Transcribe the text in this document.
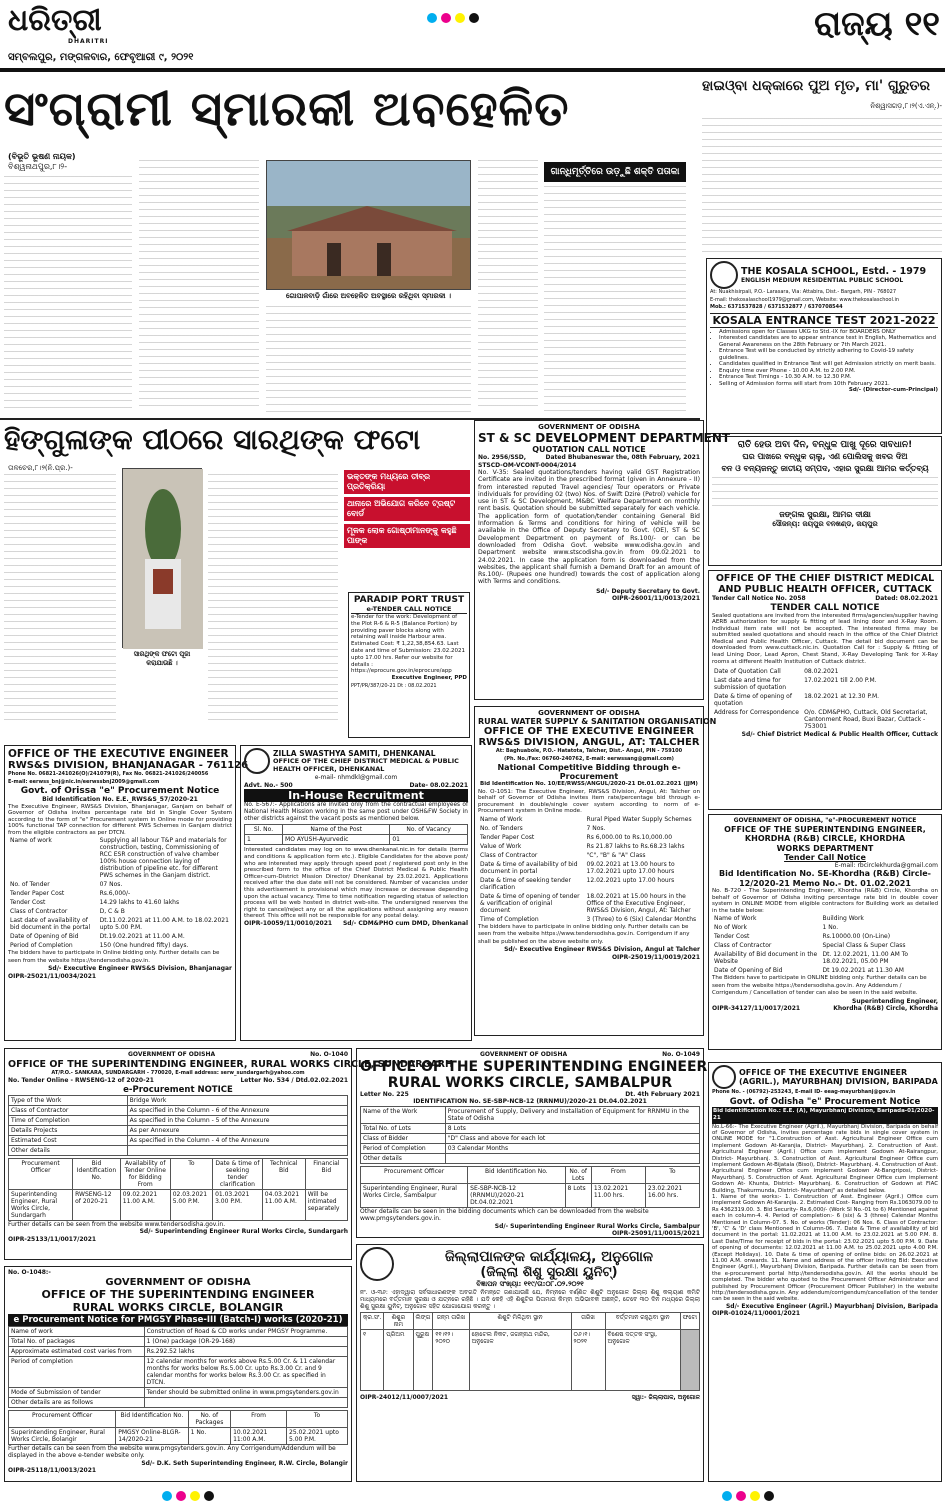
ଧରିତ୍ରୀ
DHARITRI	ରାଜ୍ୟ ୧୧
ସମ୍ବଲପୁର, ମଙ୍ଗଳବାର, ଫେବୃଆରୀ ୯, ୨୦୨୧
ସଂଗ୍ରାମୀ ସ୍ମାରକୀ ଅବହେଳିତ
(ବିଭୂତି ଭୂଷଣ ନାୟକ)
ବିଶ୍ୱନାଥପୁର,୮।୨-
ଗୋପାଳବାଡ଼ି ଗାଁରେ ଅବହେଳିତ ଅବସ୍ଥାରେ ରହିଥିବା ସ୍ମାରକୀ ।
ଗାନ୍ଧିମୂର୍ତ୍ତିରେ ଉଡ଼ୁଛି ଶକ୍ତି ପତାକା
ହାଇଓ୍ବା ଧକ୍କାରେ ପୁଅ ମୃତ, ମା' ଗୁରୁତର
ନିଶ୍ୱାସଗଡ଼,୮।୨(ଏ.ଏନ୍.)-
THE KOSALA SCHOOL, Estd. - 1979
ENGLISH MEDIUM RESIDENTIAL PUBLIC SCHOOL
At: Nuakhisirpali, P.O.- Larasara, Via: Attabira, Dist.- Bargarh, PIN - 768027
E-mail: thekosalaschool1979@gmail.com, Website: www.thekosalaschool.in
Mob.: 6371537828 / 6371532877 / 6370708544
KOSALA ENTRANCE TEST 2021-2022
• Admissions open for Classes UKG to Std.-IX for BOARDERS ONLY
• Interested candidates are to appear entrance test in English, Mathematics and General Awareness on the 28th February or 7th March 2021.
• Entrance Test will be conducted by strictly adhering to Covid-19 safety guidelines.
• Candidates qualified in Entrance Test will get Admission strictly on merit basis.
• Enquiry time over Phone - 10.00 A.M. to 2.00 P.M.
• Entrance Test Timings - 10.30 A.M. to 12.30 P.M.
• Selling of Admission forms will start from 10th February 2021.
Sd/- (Director-cum-Principal)
ହିଙ୍ଗୁଳାଙ୍କ ପୀଠରେ ସାରଥିଙ୍କ ଫଟୋ
ତାଳଚେର,୮।୨(ନି.ପ୍ର.)-
ସାରଥିଙ୍କ ଫଟୋ ପୂଜା କରାଯାଉଛି ।
ଭକ୍ତଙ୍କ ମଧ୍ୟରେ ତୀବ୍ର ପ୍ରତିକ୍ରିୟା
ଥାନାରେ ଅଭିଯୋଗ କରିବେ ଟ୍ରଷ୍ଟ ବୋର୍ଡ
ମୂଳକ ଲୋକ ଗୋଷ୍ଠୀମାନଙ୍କୁ କହୁଛି ପାଙ୍କ
PARADIP PORT TRUST
e-TENDER CALL NOTICE
e-Tender for the work: Development of the Plot R-6 & R-5 (Balance Portion) by providing paver blocks along with retaining wall inside Harbour area. Estimated Cost: ₹ 1,22,38,854.63. Last date and time of Submission: 23.02.2021 upto 17.00 hrs. Refer our website for details : https://eprocure.gov.in/eprocure/app
Executive Engineer, PPD
PPT/PR/387/20-21 Dt : 08.02.2021
GOVERNMENT OF ODISHA
ST & SC DEVELOPMENT DEPARTMENT
QUOTATION CALL NOTICE
No. 2956/SSD,	Dated Bhubaneswar the, 08th February, 2021
STSCD-OM-VCONT-0004/2014
No. V-35: Sealed quotations/tenders having valid GST Registration Certificate are invited in the prescribed format (given in Annexure - II) from interested reputed Travel agencies/ Tour operators or Private individuals for providing 02 (two) Nos. of Swift Dzire (Petrol) vehicle for use in ST & SC Development, M&BC Welfare Department on monthly rent basis. Quotation should be submitted separately for each vehicle. The application form of quotation/tender containing General Bid Information & Terms and conditions for hiring of vehicle will be available in the Office of Deputy Secretary to Govt. (OE), ST & SC Development Department on payment of Rs.100/- or can be downloaded from Odisha Govt. website www.odisha.gov.in and Department website www.stscodisha.gov.in from 09.02.2021 to 24.02.2021. In case the application form is downloaded from the websites, the applicant shall furnish a Demand Draft for an amount of Rs.100/- (Rupees one hundred) towards the cost of application along with Terms and conditions.
Sd/- Deputy Secretary to Govt.
OIPR-26001/11/0013/2021
ରାତି ହେଉ ଅବା ଦିନ, ବନ୍ଧୁକ ପାଖୁ ଦୂରେ ସାବଧାନ!
ଘର ପାଖରେ ବନ୍ଧୁକ ଚାଲୁ, ଏଣ ପୋଲିସକୁ ଖବର ଦିଅ
ବନ ଓ ବନ୍ୟଜନ୍ତୁ ଜାତୀୟ ସମ୍ପଦ, ଏହାର ସୁରକ୍ଷା ଆମର କର୍ତ୍ତବ୍ୟ
ଜଙ୍ଗଲ ସୁରକ୍ଷା, ଆମର ଦୀକ୍ଷା
ସୌଜନ୍ୟ: ଜୟପୁର ବନଖଣ୍ଡ, ଜୟପୁର
OFFICE OF THE CHIEF DISTRICT MEDICAL AND PUBLIC HEALTH OFFICER, CUTTACK
Tender Call Notice No. 2058	Dated: 08.02.2021
TENDER CALL NOTICE
Sealed quotations are invited from the interested firms/agencies/supplier having AERB authorization for supply & fitting of lead lining door and X-Ray Room. Individual item rate will not be accepted. The interested firms may be submitted sealed quotations and should reach in the office of the Chief District Medical and Public Health Officer, Cuttack. The detail bid document can be downloaded from www.cuttack.nic.in. Quotation Call for : Supply & fitting of lead Lining Door, Lead Apron, Chest Stand, X-Ray Developing Tank for X-Ray rooms at different Health Institution of Cuttack district.
Date of Quotation Call	08.02.2021
Last date and time for submission of quotation	17.02.2021 till 2.00 P.M.
Date & time of opening of quotation	18.02.2021 at 12.30 P.M.
Address for Correspondence	O/o. CDM&PHO, Cuttack, Old Secretariat, Cantonment Road, Buxi Bazar, Cuttack - 753001
Sd/- Chief District Medical & Public Health Officer, Cuttack
OFFICE OF THE EXECUTIVE ENGINEER
RWS&S DIVISION, BHANJANAGAR - 761126
Phone No. 06821-241026(O)/241079(R), Fax No. 06821-241026/240056
E-mail: eerwss_bnj@nic.in/eerwssbnj2009@gmail.com
Govt. of Orissa "e" Procurement Notice
Bid Identification No. E.E._RWS&S_57/2020-21
The Executive Engineer, RWS&S Division, Bhanjanagar, Ganjam on behalf of Governor of Odisha invites percentage rate bid in Single Cover System according to the form of "e" Procurement system in Online mode for providing 100% functional TAP connection for different PWS Schemes in Ganjam district from the eligible contractors as per DTCN.
Name of work	Supplying all labour T&P and materials for construction, testing, Commissioning of RCC ESR construction of valve chamber 100% house connection laying of distribution of pipeline etc. for different PWS schemes in the Ganjam district.
No. of Tender	07 Nos.
Tender Paper Cost	Rs.6,000/-
Tender Cost	14.29 lakhs to 41.60 lakhs
Class of Contractor	D, C & B
Last date of availability of bid document in the portal	Dt.11.02.2021 at 11.00 A.M. to 18.02.2021 upto 5.00 P.M.
Date of Opening of Bid	Dt.19.02.2021 at 11.00 A.M.
Period of Completion	150 (One hundred fifty) days.
The bidders have to participate in Online bidding only. Further details can be seen from the website https://tendersodisha.gov.in.
Sd/- Executive Engineer RWS&S Division, Bhanjanagar
OIPR-25021/11/0034/2021
ZILLA SWASTHYA SAMITI, DHENKANAL
OFFICE OF THE CHIEF DISTRICT MEDICAL & PUBLIC HEALTH OFFICER, DHENKANAL
e-mail- nhmdkl@gmail.com
Advt. No.- 500	Date- 08.02.2021
In-House Recruitment
No. E-567:- Applications are invited only from the contractual employees of National Health Mission working in the same post under OSH&FW Society in other districts against the vacant posts as mentioned below.
Sl. No.	Name of the Post	No. of Vacancy
1	MO AYUSH-Ayurvedic	01
Interested candidates may log on to www.dhenkanal.nic.in for details (terms and conditions & application form etc.). Eligible Candidates for the above post/ who are interested may apply through speed post / registered post only in the prescribed form to the office of the Chief District Medical & Public Health Officer-cum-District Mission Director/ Dhenkanal by 23.02.2021. Applications received after the due date will not be considered. Number of vacancies under this advertisement is provisional which may increase or decrease depending upon the actual vacancy. Time to time notification regarding status of selection process will be web hosted in district web-site. The undersigned reserves the right to cancel/reject any or all the applications without assigning any reason thereof. This office will not be responsible for any postal delay.
OIPR-10059/11/0010/2021 Sd/- CDM&PHO cum DMD, Dhenkanal
GOVERNMENT OF ODISHA
RURAL WATER SUPPLY & SANITATION ORGANISATION
OFFICE OF THE EXECUTIVE ENGINEER
RWS&S DIVISION, ANGUL, AT: TALCHER
At: Baghuabole, P.O.- Hatatota, Talcher, Dist.- Angul, PIN - 759100
(Ph. No./Fax: 06760-240762, E-mail: eerwssang@gmail.com)
National Competitive Bidding through e-Procurement
Bid Identification No. 10/EE/RWSS/ANGUL/2020-21 Dt.01.02.2021 (JJM)
No. O-1051: The Executive Engineer, RWS&S Division, Angul, At: Talcher on behalf of Governor of Odisha invites item rate/percentage bid through e-procurement in double/single cover system according to norm of e-Procurement system in Online mode.
Name of Work	Rural Piped Water Supply Schemes
No. of Tenders	7 Nos.
Tender Paper Cost	Rs 6,000.00 to Rs.10,000.00
Value of Work	Rs 21.87 lakhs to Rs.68.23 lakhs
Class of Contractor	"C", "B" & "A" Class
Date & time of availability of bid document in portal	09.02.2021 at 13.00 hours to 17.02.2021 upto 17.00 hours
Date & time of seeking tender clarification	12.02.2021 upto 17.00 hours
Date & time of opening of tender & verification of original document	18.02.2021 at 15.00 hours in the Office of the Executive Engineer, RWS&S Division, Angul, At: Talcher
Time of Completion	3 (Three) to 6 (Six) Calendar Months
The bidders have to participate in online bidding only. Further details can be seen from the website https://www.tendersodisha.gov.in. Corrigendum if any shall be published on the above website only.
Sd/- Executive Engineer RWS&S Division, Angul at Talcher
OIPR-25019/11/0019/2021
GOVERNMENT OF ODISHA, "e"-PROCUREMENT NOTICE
OFFICE OF THE SUPERINTENDING ENGINEER, KHORDHA (R&B) CIRCLE, KHORDHA
WORKS DEPARTMENT
Tender Call Notice
E-mail: rbcirclekhurda@gmail.com
Bid Identification No. SE-Khordha (R&B) Circle-12/2020-21 Memo No.- Dt. 01.02.2021
No. B-720 - The Superintending Engineer, Khordha (R&B) Circle, Khordha on behalf of Governor of Odisha inviting percentage rate bid in double cover system in ONLINE MODE from eligible contractors for Building work as detailed in the table below:
Name of Work	Building Work
No of Work	1 No.
Tender Cost	Rs.10000.00 (On-Line)
Class of Contractor	Special Class & Super Class
Availability of Bid document in the Website	Dt. 12.02.2021, 11.00 AM To 18.02.2021, 05.00 PM
Date of Opening of Bid	Dt 19.02.2021 at 11.30 AM
The Bidders have to participate in ONLINE bidding only. Further details can be seen from the website https://tendersodisha.gov.in. Any Addendum / Corrigendum / Cancellation of tender can also be seen in the said website.
OIPR-34127/11/0017/2021
Superintending Engineer, Khordha (R&B) Circle, Khordha
GOVERNMENT OF ODISHA	No. O-1040
OFFICE OF THE SUPERINTENDING ENGINEER, RURAL WORKS CIRCLE, SUNDARGARH
AT/P.O.- SANKARA, SUNDARGARH - 770020, E-mail address: serw_sundargarh@yahoo.com
No. Tender Online - RWSENG-12 of 2020-21	Letter No. 534 / Dtd.02.02.2021
e-Procurement NOTICE
Type of the Work	Bridge Work
Class of Contractor	As specified in the Column - 6 of the Annexure
Time of Completion	As specified in the Column - 5 of the Annexure
Details Projects	As per Annexure
Estimated Cost	As specified in the Column - 4 of the Annexure
Other details	
Procurement Officer	Bid Identification No.	Availability of Tender Online for Bidding From	To	Date & time of seeking tender clarification	Technical Bid	Financial Bid
Superintending Engineer, Rural Works Circle, Sundargarh	RWSENG-12 of 2020-21	09.02.2021 11.00 A.M.	02.03.2021 5.00 P.M.	01.03.2021 3.00 P.M.	04.03.2021 11.00 A.M.	Will be intimated separately
Further details can be seen from the website www.tendersodisha.gov.in.
Sd/- Superintending Engineer Rural Works Circle, Sundargarh
OIPR-25133/11/0017/2021
GOVERNMENT OF ODISHA	No. O-1049
OFFICE OF THE SUPERINTENDING ENGINEER
RURAL WORKS CIRCLE, SAMBALPUR
Letter No. 225	Dt. 4th February 2021
IDENTIFICATION No. SE-SBP-NCB-12 (RRNMU)/2020-21 Dt.04.02.2021
Name of the Work	Procurement of Supply, Delivery and Installation of Equipment for RRNMU in the State of Odisha
Total No. of Lots	8 Lots
Class of Bidder	"D" Class and above for each lot
Period of Completion	03 Calendar Months
Other details	
Procurement Officer	Bid Identification No.	No. of Lots	From	To
Superintending Engineer, Rural Works Circle, Sambalpur	SE-SBP-NCB-12 (RRNMU)/2020-21 Dt.04.02.2021	8 Lots	13.02.2021 11.00 hrs.	23.02.2021 16.00 hrs.
Other details can be seen in the bidding documents which can be downloaded from the website www.pmgsytenders.gov.in.
Sd/- Superintending Engineer Rural Works Circle, Sambalpur
OIPR-25091/11/0015/2021
OFFICE OF THE EXECUTIVE ENGINEER (AGRIL.), MAYURBHANJ DIVISION, BARIPADA
Phone No. - (06792)-253243, E-mail ID- eeag-mayurbhanj@gov.in
Govt. of Odisha "e" Procurement Notice
Bid Identification No.: E.E. (A), Mayurbhanj Division, Baripada-01/2020-21
No.L-66:- The Executive Engineer (Agril.), Mayurbhanj Division, Baripada on behalf of Governor of Odisha, invites percentage rate bids in single cover system in ONLINE MODE for "1.Construction of Asst. Agricultural Engineer Office cum implement Godown At-Karanjia, District- Mayurbhanj. 2. Construction of Asst. Agricultural Engineer (Agril.) Office cum implement Godown At-Rairangpur, District- Mayurbhanj. 3. Construction of Asst. Agricultural Engineer Office cum implement Godown At-Bijatala (Bisoi), District- Mayurbhanj. 4. Construction of Asst. Agricultural Engineer Office cum implement Godown At-Bangriposi, District- Mayurbhanj. 5. Construction of Asst. Agricultural Engineer Office cum implement Godown At- Khunta, District- Mayurbhanj. 6. Construction of Godown at FIAC Building, Thakurmunda, District- Mayurbhanj" as detailed below.
1. Name of the works:- 1. Construction of Asst. Engineer (Agril.) Office cum implement Godown At-Karanjia. 2. Estimated Cost- Ranging from Rs.1063079.00 to Rs 4362319.00. 3. Bid Security- Rs.6,000/- (Work Sl No.-01 to 6) Mentioned against each in column-4. 4. Period of completion:- 6 (six) & 3 (three) Calendar Months Mentioned in Column-07. 5. No. of works (Tender): 06 Nos. 6. Class of Contractor: 'B', 'C' & 'D' class Mentioned in Column-06. 7. Date & Time of availability of bid document in the portal: 11.02.2021 at 11.00 A.M. to 23.02.2021 at 5.00 P.M. 8. Last Date/Time for receipt of bids in the portal: 23.02.2021 upto 5.00 P.M. 9. Date of opening of documents: 12.02.2021 at 11.00 A.M. to 25.02.2021 upto 4.00 P.M. (Except Holidays). 10. Date & time of opening of online bids: on 26.02.2021 at 11.00 A.M. onwards. 11. Name and address of the officer inviting Bid: Executive Engineer (Agril.), Mayurbhanj Division, Baripada. Further details can be seen from the e-procurement portal http://tendersodisha.gov.in. All the works should be completed. The bidder who quoted to the Procurement Officer Administrator and published by Procurement Officer (Procurement Officer Publisher) in the website http://tendersodisha.gov.in. Any addendum/corrigendum/cancellation of the tender can be seen in the said website.
Sd/- Executive Engineer (Agril.) Mayurbhanj Division, Baripada
OIPR-01024/11/0001/2021
No. O-1048:-
GOVERNMENT OF ODISHA
OFFICE OF THE SUPERINTENDING ENGINEER
RURAL WORKS CIRCLE, BOLANGIR
e Procurement Notice for PMGSY Phase-III (Batch-I) works (2020-21)
Name of work	Construction of Road & CD works under PMGSY Programme.
Total No. of packages	1 (One) package (OR-29-168)
Approximate estimated cost varies from	Rs.292.52 lakhs
Period of completion	12 calendar months for works above Rs.5.00 Cr. & 11 calendar months for works below Rs.5.00 Cr. upto Rs.3.00 Cr. and 9 calendar months for works below Rs.3.00 Cr. as specified in DTCN.
Mode of Submission of tender	Tender should be submitted online in www.pmgsytenders.gov.in
Other details are as follows	
Procurement Officer	Bid Identification No.	No. of Packages	From	To
Superintending Engineer, Rural Works Circle, Bolangir	PMGSY Online-BLGR-14/2020-21	1 No.	10.02.2021 11:00 A.M.	25.02.2021 upto 5.00 P.M.
Further details can be seen from the website www.pmgsytenders.gov.in. Any Corrigendum/Addendum will be displayed in the above e-tender website only.
Sd/- D.K. Seth Superintending Engineer, R.W. Circle, Bolangir
OIPR-25118/11/0013/2021
ଜିଲ୍ଲାପାଳଙ୍କ କାର୍ଯ୍ୟାଳୟ, ଅନୁଗୋଳ
(ଜିଲ୍ଲା ଶିଶୁ ସୁରକ୍ଷା ୟୁନିଟ୍)
ବିଜ୍ଞାପନ ସଂଖ୍ୟା: ୧୧୯/ତା:୦୮.୦୨.୨୦୨୧
ନଂ. ଓ-୩୬: ଏହାଦ୍ୱାରା ସର୍ବସାଧାରଣଙ୍କ ଅବଗତି ନିମନ୍ତେ ଜଣାଯାଉଛି ଯେ, ନିମ୍ନରେ ବର୍ଣ୍ଣିତ ଶିଶୁଟି ଅନୁଗୋଳ ଜିଲ୍ଲା ଶିଶୁ କଲ୍ୟାଣ କମିଟି ମାଧ୍ୟମରେ ବର୍ତ୍ତମାନ ସୁରକ୍ଷା ଓ ଯତ୍ନରେ ରହିଛି । ଯଦି କେହି ଏହି ଶିଶୁଟିର ପିତାମାତା କିମ୍ବା ଅଭିଭାବକ ଅଛନ୍ତି, ତେବେ ୩୦ ଦିନ ମଧ୍ୟରେ ଜିଲ୍ଲା ଶିଶୁ ସୁରକ୍ଷା ୟୁନିଟ୍, ଅନୁଗୋଳ ସହିତ ଯୋଗାଯୋଗ କରନ୍ତୁ ।
କ୍ର.ସଂ.	ଶିଶୁର ନାମ	ଲିଙ୍ଗ	ଜନ୍ମ ତାରିଖ	ଶିଶୁଟି ମିଳିଥିବା ସ୍ଥାନ	ତାରିଖ	ବର୍ତ୍ତମାନ ରହୁଥିବା ସ୍ଥାନ	ଫଟୋ
୧	ପ୍ରିଅମ	ପୁରୁଷ	୧୧।୧୨।୨୦୨୦	ହୋଟେଲ ନିକଟ, ଜଗନ୍ନାଥ ମନ୍ଦିର, ଅନୁଗୋଳ	୦୬।୧।୨୦୨୧	ବିଶେଷ ଦତ୍ତକ ସଂସ୍ଥା, ଅନୁଗୋଳ	
OIPR-24012/11/0007/2021	ସ୍ୱା:- ଜିଲ୍ଲାପାଳ, ଅନୁଗୋଳ
